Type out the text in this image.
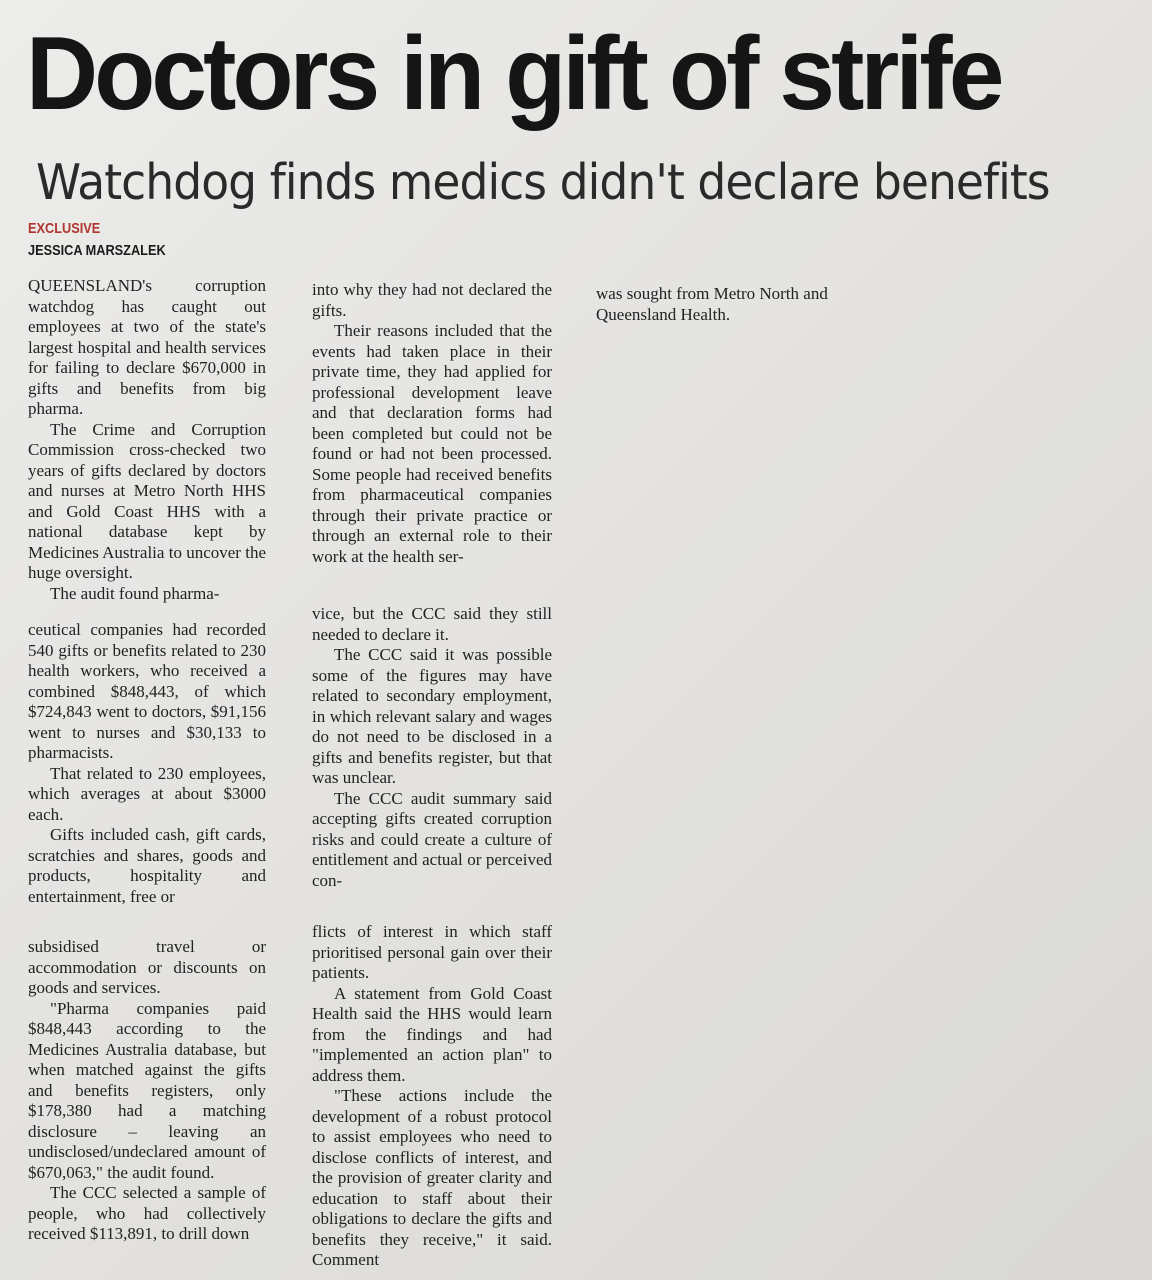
Doctors in gift of strife
Watchdog finds medics didn't declare benefits
EXCLUSIVE
JESSICA MARSZALEK

QUEENSLAND's corruption watchdog has caught out employees at two of the state's largest hospital and health services for failing to declare $670,000 in gifts and benefits from big pharma.

The Crime and Corruption Commission cross-checked two years of gifts declared by doctors and nurses at Metro North HHS and Gold Coast HHS with a national database kept by Medicines Australia to uncover the huge oversight.

The audit found pharma-

ceutical companies had recorded 540 gifts or benefits related to 230 health workers, who received a combined $848,443, of which $724,843 went to doctors, $91,156 went to nurses and $30,133 to pharmacists.

That related to 230 employees, which averages at about $3000 each.

Gifts included cash, gift cards, scratchies and shares, goods and products, hospitality and entertainment, free or

subsidised travel or accommodation or discounts on goods and services.

"Pharma companies paid $848,443 according to the Medicines Australia database, but when matched against the gifts and benefits registers, only $178,380 had a matching disclosure – leaving an undisclosed/undeclared amount of $670,063," the audit found.

The CCC selected a sample of people, who had collectively received $113,891, to drill down

into why they had not declared the gifts.

Their reasons included that the events had taken place in their private time, they had applied for professional development leave and that declaration forms had been completed but could not be found or had not been processed. Some people had received benefits from pharmaceutical companies through their private practice or through an external role to their work at the health ser-

vice, but the CCC said they still needed to declare it.

The CCC said it was possible some of the figures may have related to secondary employment, in which relevant salary and wages do not need to be disclosed in a gifts and benefits register, but that was unclear.

The CCC audit summary said accepting gifts created corruption risks and could create a culture of entitlement and actual or perceived con-

flicts of interest in which staff prioritised personal gain over their patients.

A statement from Gold Coast Health said the HHS would learn from the findings and had "implemented an action plan" to address them.

"These actions include the development of a robust protocol to assist employees who need to disclose conflicts of interest, and the provision of greater clarity and education to staff about their obligations to declare the gifts and benefits they receive," it said. Comment

was sought from Metro North and Queensland Health.
